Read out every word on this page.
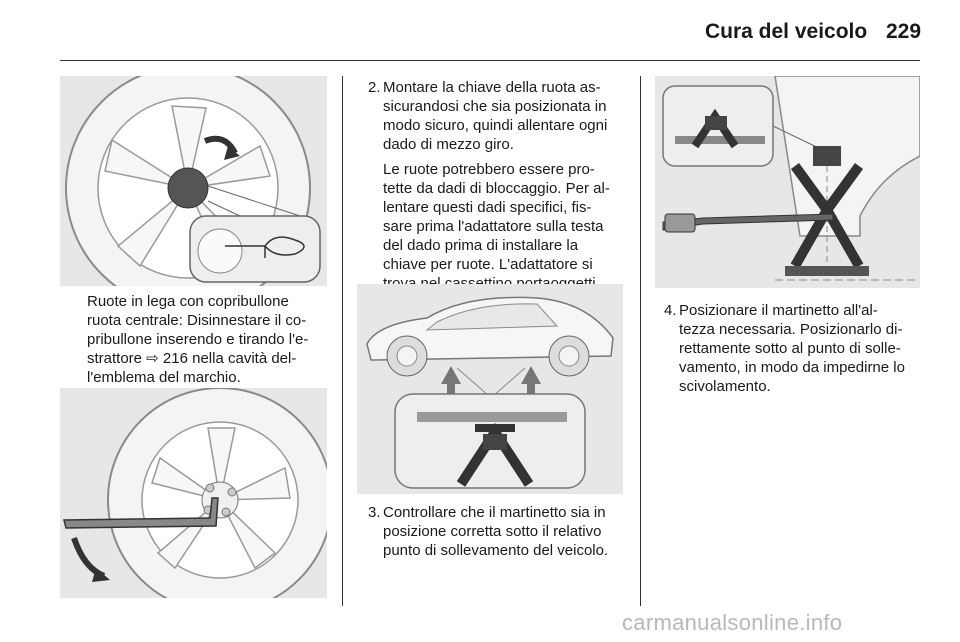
Cura del veicolo 229
Ruote in lega con copribullone
ruota centrale: Disinnestare il co-
pribullone inserendo e tirando l'e-
strattore ⇨ 216 nella cavità del-
l'emblema del marchio.
2. Montare la chiave della ruota as-
sicurandosi che sia posizionata in
modo sicuro, quindi allentare ogni
dado di mezzo giro.
Le ruote potrebbero essere pro-
tette da dadi di bloccaggio. Per al-
lentare questi dadi specifici, fis-
sare prima l'adattatore sulla testa
del dado prima di installare la
chiave per ruote. L'adattatore si
3. Controllare che il martinetto sia in
posizione corretta sotto il relativo
punto di sollevamento del veicolo.
4. Posizionare il martinetto all'al-
tezza necessaria. Posizionarlo di-
rettamente sotto al punto di solle-
vamento, in modo da impedirne lo
scivolamento.
carmanualsonline.info
